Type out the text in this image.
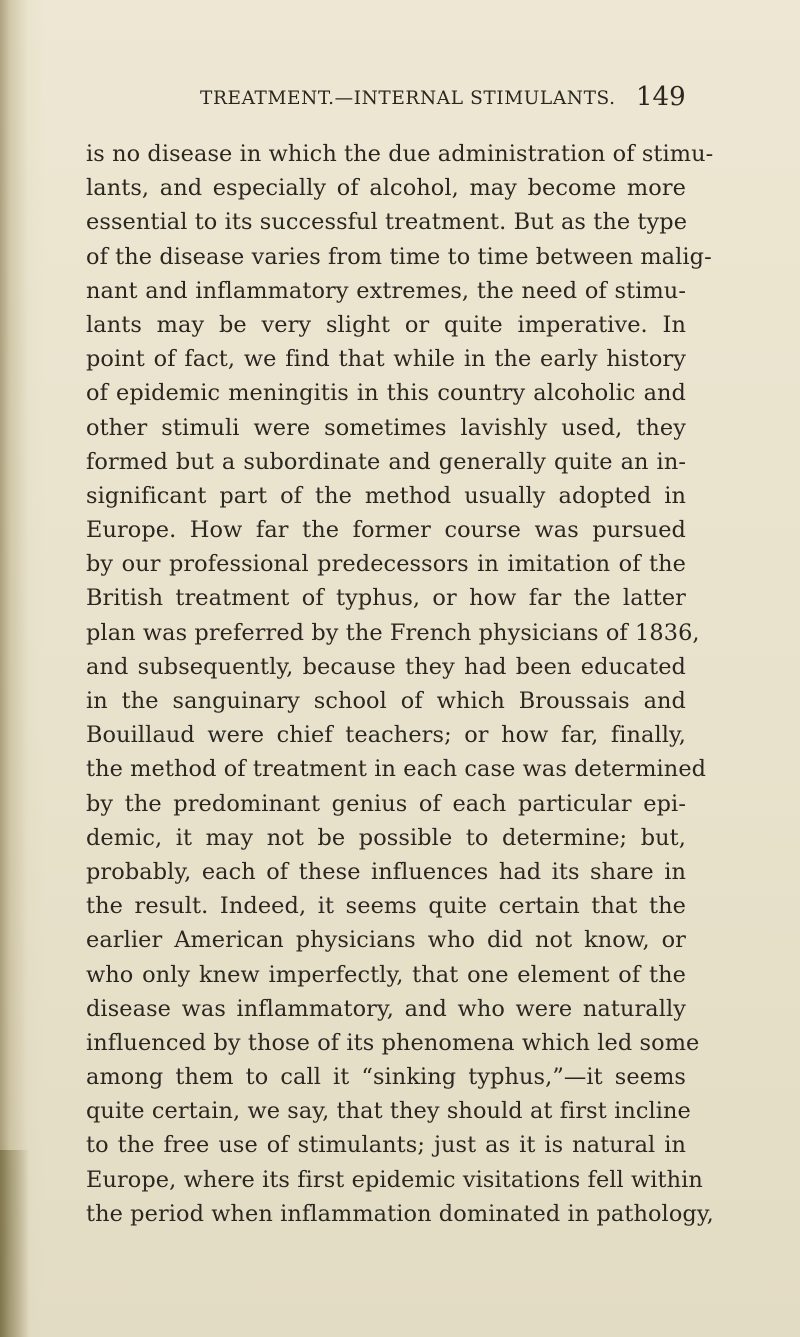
TREATMENT.—INTERNAL STIMULANTS. 149
is no disease in which the due administration of stimu-
lants, and especially of alcohol, may become more
essential to its successful treatment. But as the type
of the disease varies from time to time between malig-
nant and inflammatory extremes, the need of stimu-
lants may be very slight or quite imperative. In
point of fact, we find that while in the early history
of epidemic meningitis in this country alcoholic and
other stimuli were sometimes lavishly used, they
formed but a subordinate and generally quite an in-
significant part of the method usually adopted in
Europe. How far the former course was pursued
by our professional predecessors in imitation of the
British treatment of typhus, or how far the latter
plan was preferred by the French physicians of 1836,
and subsequently, because they had been educated
in the sanguinary school of which Broussais and
Bouillaud were chief teachers; or how far, finally,
the method of treatment in each case was determined
by the predominant genius of each particular epi-
demic, it may not be possible to determine; but,
probably, each of these influences had its share in
the result. Indeed, it seems quite certain that the
earlier American physicians who did not know, or
who only knew imperfectly, that one element of the
disease was inflammatory, and who were naturally
influenced by those of its phenomena which led some
among them to call it “sinking typhus,”—it seems
quite certain, we say, that they should at first incline
to the free use of stimulants; just as it is natural in
Europe, where its first epidemic visitations fell within
the period when inflammation dominated in pathology,
